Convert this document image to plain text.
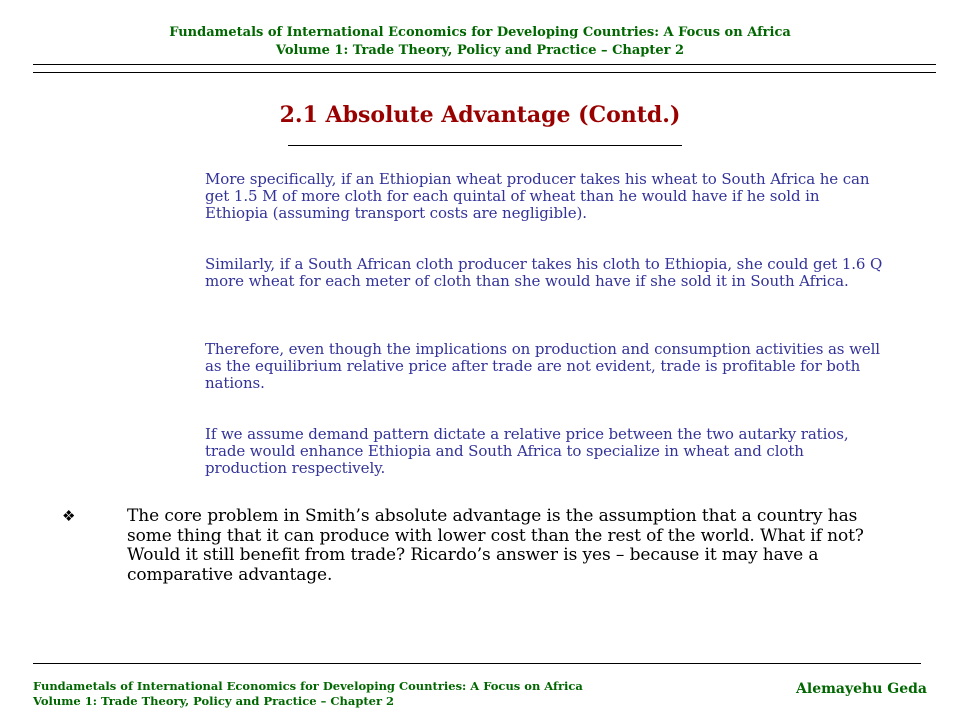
Fundametals of International Economics for Developing Countries: A Focus on Africa
Volume 1: Trade Theory, Policy and Practice – Chapter 2
2.1 Absolute Advantage (Contd.)
More specifically, if an Ethiopian wheat producer takes his wheat to South Africa he can get 1.5 M of more cloth for each quintal of wheat than he would have if he sold in Ethiopia (assuming transport costs are negligible).
Similarly, if a South African cloth producer takes his cloth to Ethiopia, she could get 1.6 Q more wheat for each meter of cloth than she would have if she sold it in South Africa.
Therefore, even though the implications on production and consumption activities as well as the equilibrium relative price after trade are not evident, trade is profitable for both nations.
If we assume demand pattern dictate a relative price between the two autarky ratios, trade would enhance Ethiopia and South Africa to specialize in wheat and cloth production respectively.
❖	The core problem in Smith’s absolute advantage is the assumption that a country has some thing that it can produce with lower cost than the rest of the world. What if not? Would it still benefit from trade? Ricardo’s answer is yes – because it may have a comparative advantage.
Fundametals of International Economics for Developing Countries: A Focus on Africa
Volume 1: Trade Theory, Policy and Practice – Chapter 2
Alemayehu Geda
